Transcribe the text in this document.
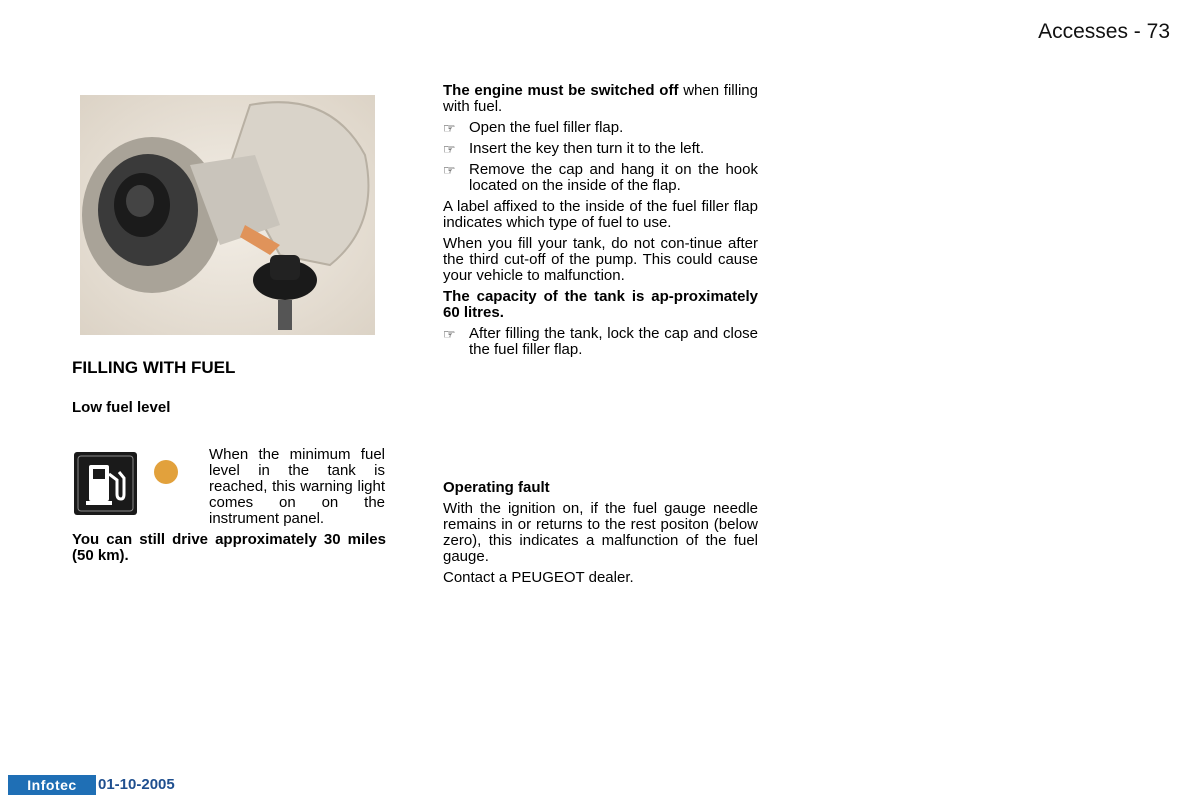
Accesses - 73
FILLING WITH FUEL
Low fuel level

When the minimum fuel level in the tank is reached, this warning light comes on on the instrument panel.

You can still drive approximately 30 miles (50 km).

The engine must be switched off when filling with fuel.

☞ Open the fuel filler flap.
☞ Insert the key then turn it to the left.
☞ Remove the cap and hang it on the hook located on the inside of the flap.

A label affixed to the inside of the fuel filler flap indicates which type of fuel to use.

When you fill your tank, do not con-tinue after the third cut-off of the pump. This could cause your vehicle to malfunction.

The capacity of the tank is ap-proximately 60 litres.

☞ After filling the tank, lock the cap and close the fuel filler flap.

Operating fault

With the ignition on, if the fuel gauge needle remains in or returns to the rest positon (below zero), this indicates a malfunction of the fuel gauge.

Contact a PEUGEOT dealer.

Infotec	01-10-2005
